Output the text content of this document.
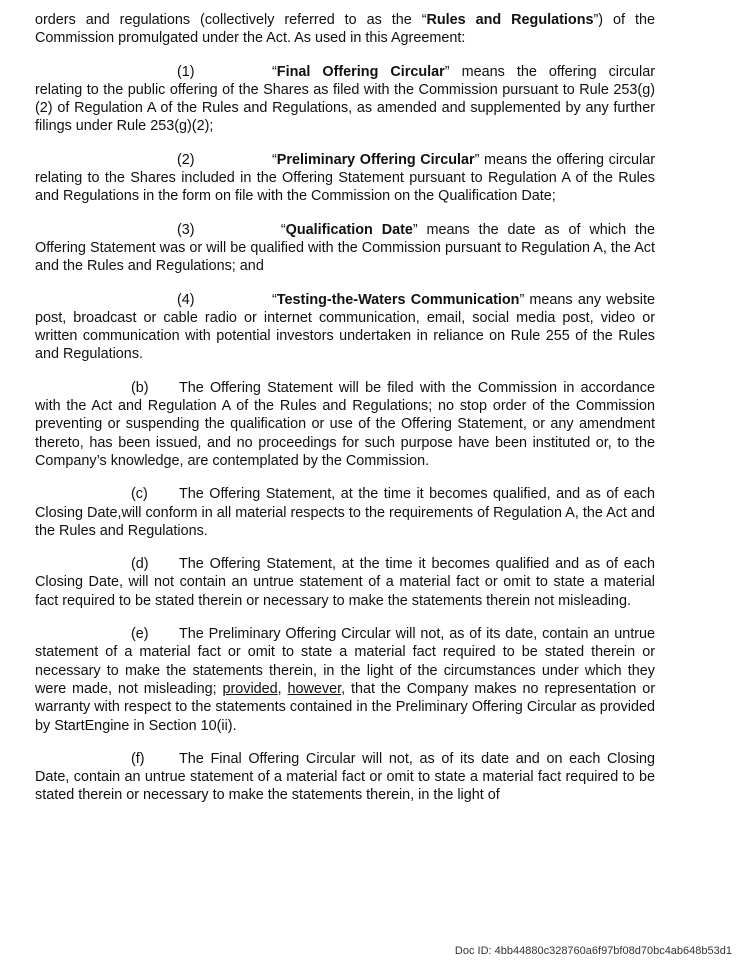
orders and regulations (collectively referred to as the “Rules and Regulations”) of the Commission promulgated under the Act. As used in this Agreement:

(1)	“Final Offering Circular” means the offering circular relating to the public offering of the Shares as filed with the Commission pursuant to Rule 253(g)(2) of Regulation A of the Rules and Regulations, as amended and supplemented by any further filings under Rule 253(g)(2);

(2)	“Preliminary Offering Circular” means the offering circular relating to the Shares included in the Offering Statement pursuant to Regulation A of the Rules and Regulations in the form on file with the Commission on the Qualification Date;

(3)	“Qualification Date” means the date as of which the Offering Statement was or will be qualified with the Commission pursuant to Regulation A, the Act and the Rules and Regulations; and

(4)	“Testing-the-Waters Communication” means any website post, broadcast or cable radio or internet communication, email, social media post, video or written communication with potential investors undertaken in reliance on Rule 255 of the Rules and Regulations.

(b) The Offering Statement will be filed with the Commission in accordance with the Act and Regulation A of the Rules and Regulations; no stop order of the Commission preventing or suspending the qualification or use of the Offering Statement, or any amendment thereto, has been issued, and no proceedings for such purpose have been instituted or, to the Company’s knowledge, are contemplated by the Commission.

(c) The Offering Statement, at the time it becomes qualified, and as of each Closing Date,will conform in all material respects to the requirements of Regulation A, the Act and the Rules and Regulations.

(d) The Offering Statement, at the time it becomes qualified and as of each Closing Date, will not contain an untrue statement of a material fact or omit to state a material fact required to be stated therein or necessary to make the statements therein not misleading.

(e) The Preliminary Offering Circular will not, as of its date, contain an untrue statement of a material fact or omit to state a material fact required to be stated therein or necessary to make the statements therein, in the light of the circumstances under which they were made, not misleading; provided, however, that the Company makes no representation or warranty with respect to the statements contained in the Preliminary Offering Circular as provided by StartEngine in Section 10(ii).

(f) The Final Offering Circular will not, as of its date and on each Closing Date, contain an untrue statement of a material fact or omit to state a material fact required to be stated therein or necessary to make the statements therein, in the light of

Doc ID: 4bb44880c328760a6f97bf08d70bc4ab648b53d1
